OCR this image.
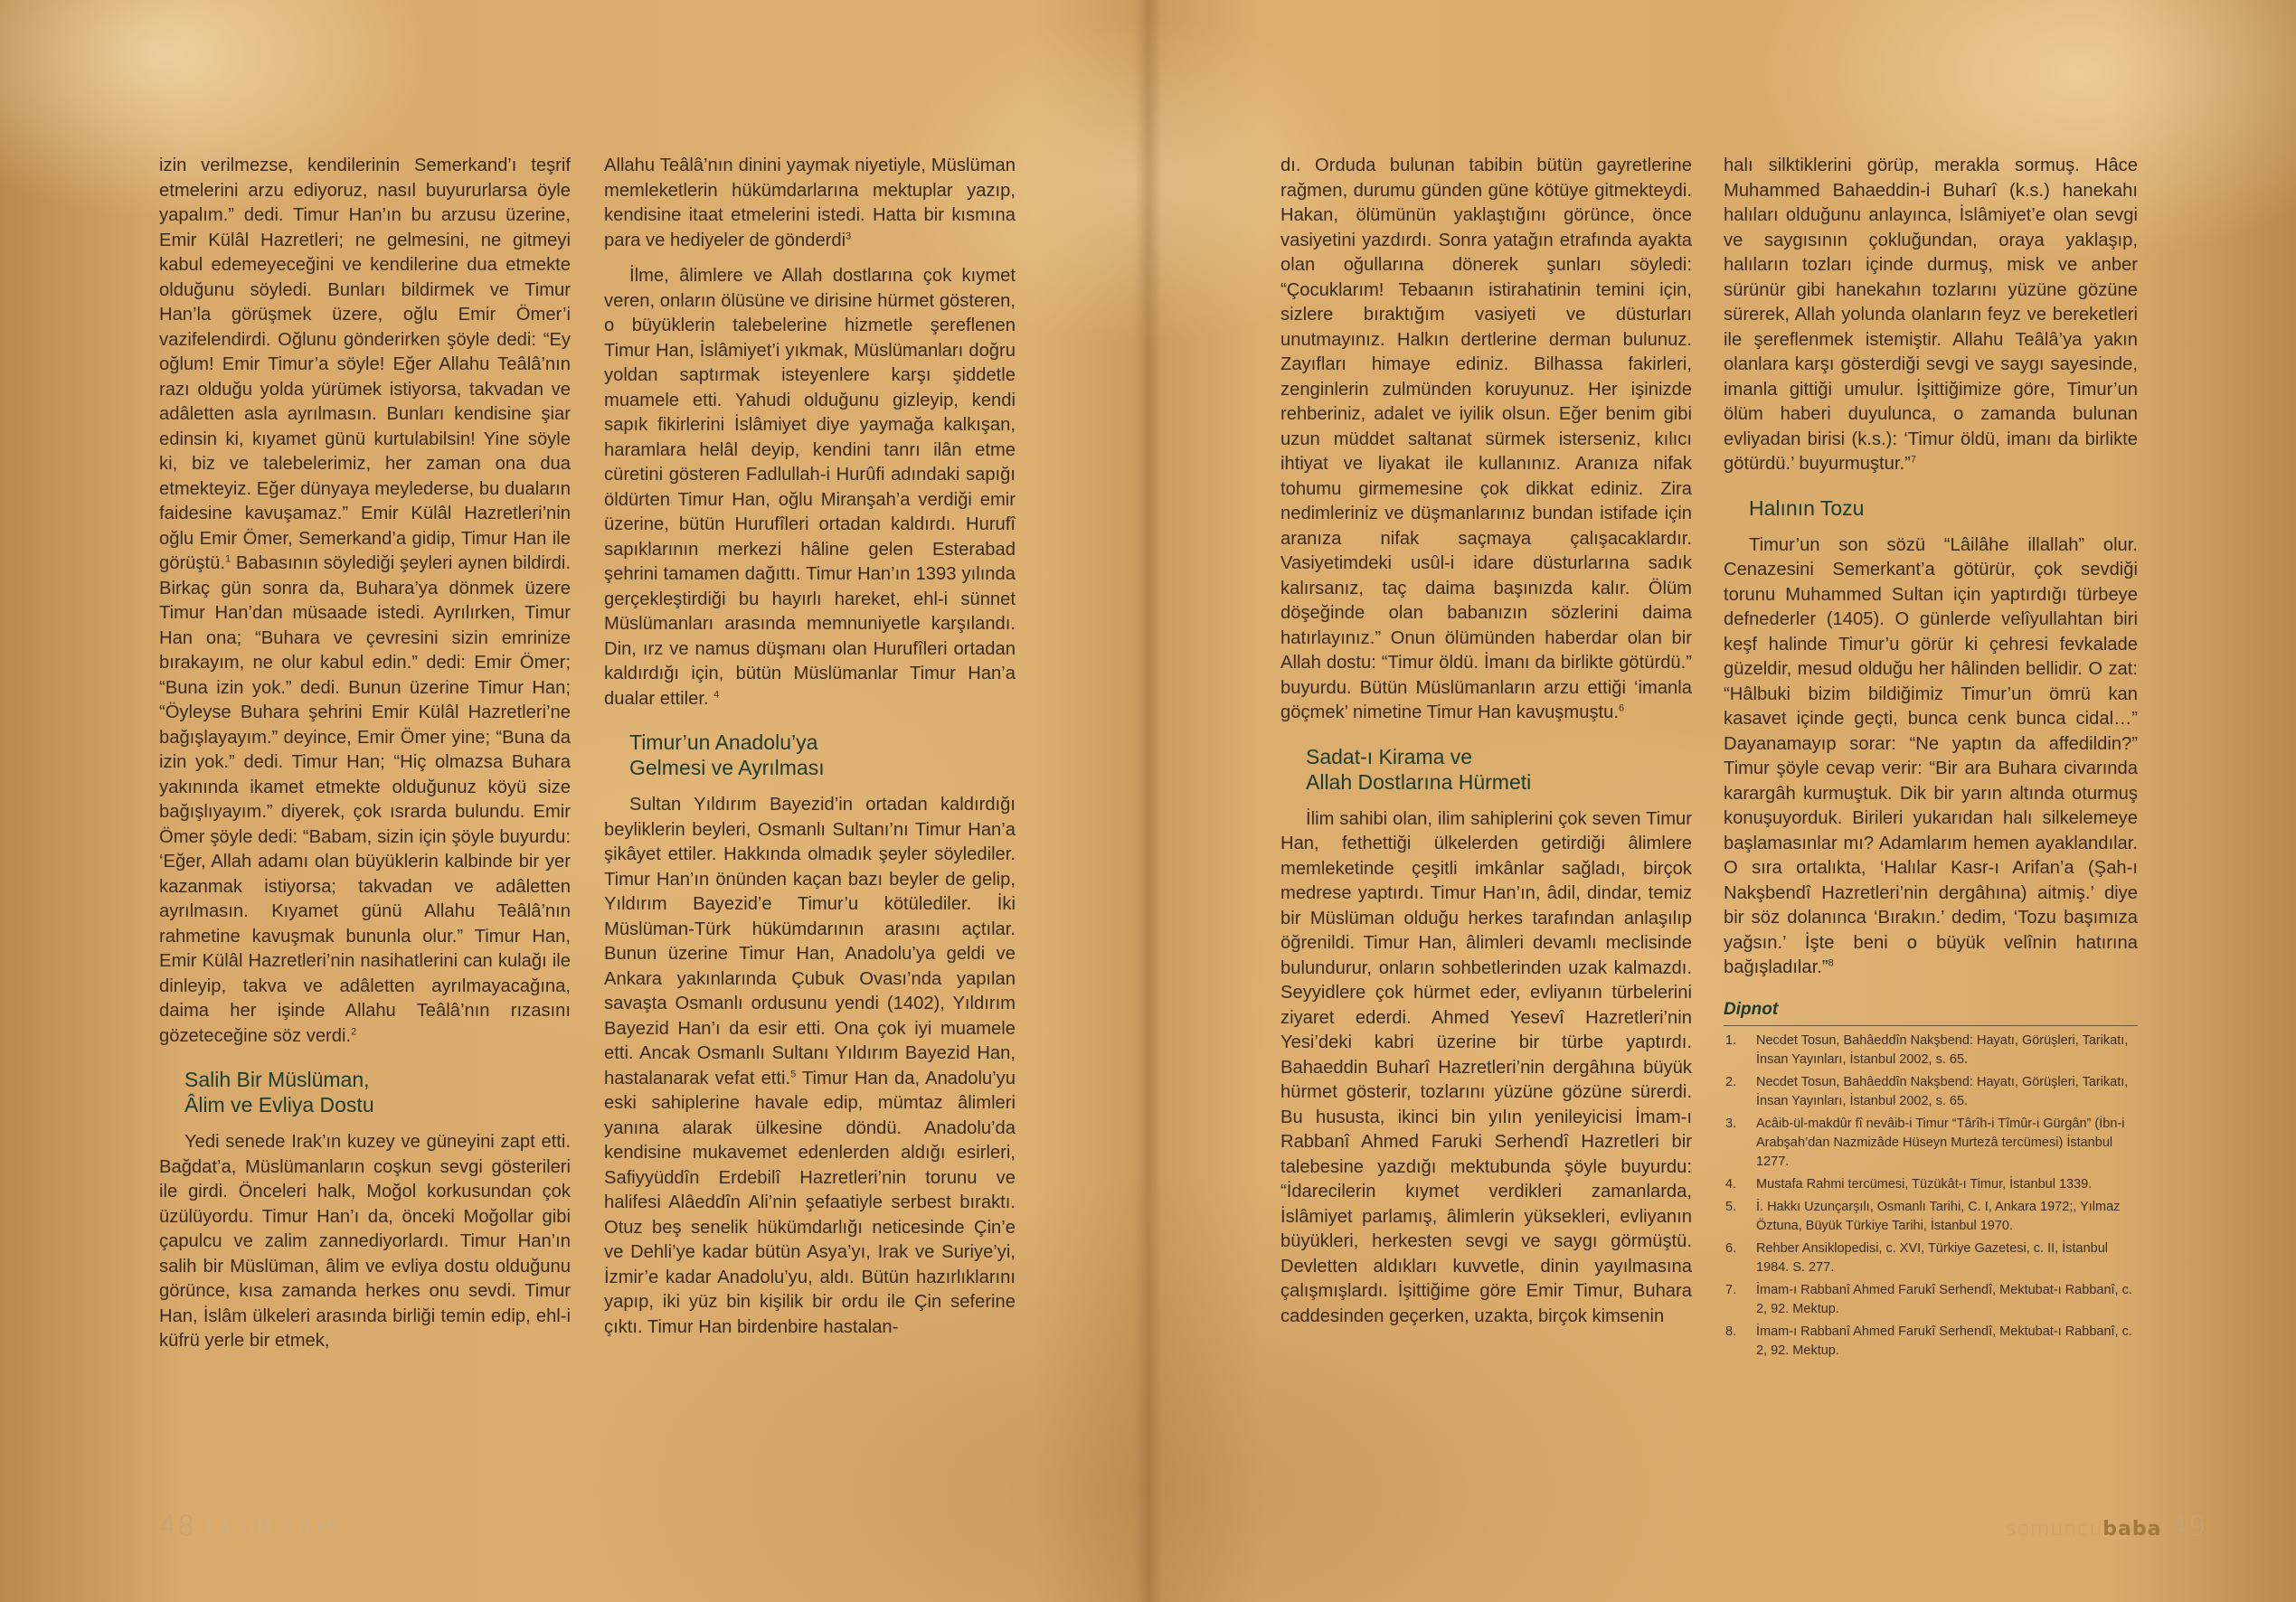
izin verilmezse, kendilerinin Semerkand’ı teşrif etmelerini arzu ediyoruz, nasıl buyururlarsa öyle yapalım.” dedi. Timur Han’ın bu arzusu üzerine, Emir Külâl Hazretleri; ne gelmesini, ne gitmeyi kabul edemeyeceğini ve kendilerine dua etmekte olduğunu söyledi. Bunları bildirmek ve Timur Han’la görüşmek üzere, oğlu Emir Ömer’i vazifelendirdi. Oğlunu gönderirken şöyle dedi: “Ey oğlum! Emir Timur’a söyle! Eğer Allahu Teâlâ’nın razı olduğu yolda yürümek istiyorsa, takvadan ve adâletten asla ayrılmasın. Bunları kendisine şiar edinsin ki, kıyamet günü kurtulabilsin! Yine söyle ki, biz ve talebelerimiz, her zaman ona dua etmekteyiz. Eğer dünyaya meylederse, bu duaların faidesine kavuşamaz.” Emir Külâl Hazretleri’nin oğlu Emir Ömer, Semerkand’a gidip, Timur Han ile görüştü.$^1$ Babasının söylediği şeyleri aynen bildirdi. Birkaç gün sonra da, Buhara’ya dönmek üzere Timur Han’dan müsaade istedi. Ayrılırken, Timur Han ona; “Buhara ve çevresini sizin emrinize bırakayım, ne olur kabul edin.” dedi: Emir Ömer; “Buna izin yok.” dedi. Bunun üzerine Timur Han; “Öyleyse Buhara şehrini Emir Külâl Hazretleri’ne bağışlayayım.” deyince, Emir Ömer yine; “Buna da izin yok.” dedi. Timur Han; “Hiç olmazsa Buhara yakınında ikamet etmekte olduğunuz köyü size bağışlıyayım.” diyerek, çok ısrarda bulundu. Emir Ömer şöyle dedi: “Babam, sizin için şöyle buyurdu: ‘Eğer, Allah adamı olan büyüklerin kalbinde bir yer kazanmak istiyorsa; takvadan ve adâletten ayrılmasın. Kıyamet günü Allahu Teâlâ’nın rahmetine kavuşmak bununla olur.” Timur Han, Emir Külâl Hazretleri’nin nasihatlerini can kulağı ile dinleyip, takva ve adâletten ayrılmayacağına, daima her işinde Allahu Teâlâ’nın rızasını gözeteceğine söz verdi.$^2$

Salih Bir Müslüman,
Âlim ve Evliya Dostu

Yedi senede Irak’ın kuzey ve güneyini zapt etti. Bağdat’a, Müslümanların coşkun sevgi gösterileri ile girdi. Önceleri halk, Moğol korkusundan çok üzülüyordu. Timur Han’ı da, önceki Moğollar gibi çapulcu ve zalim zannediyorlardı. Timur Han’ın salih bir Müslüman, âlim ve evliya dostu olduğunu görünce, kısa zamanda herkes onu sevdi. Timur Han, İslâm ülkeleri arasında birliği temin edip, ehl-i küfrü yerle bir etmek,

Allahu Teâlâ’nın dinini yaymak niyetiyle, Müslüman memleketlerin hükümdarlarına mektuplar yazıp, kendisine itaat etmelerini istedi. Hatta bir kısmına para ve hediyeler de gönderdi$^3$

İlme, âlimlere ve Allah dostlarına çok kıymet veren, onların ölüsüne ve dirisine hürmet gösteren, o büyüklerin talebelerine hizmetle şereflenen Timur Han, İslâmiyet’i yıkmak, Müslümanları doğru yoldan saptırmak isteyenlere karşı şiddetle muamele etti. Yahudi olduğunu gizleyip, kendi sapık fikirlerini İslâmiyet diye yaymağa kalkışan, haramlara helâl deyip, kendini tanrı ilân etme cüretini gösteren Fadlullah-i Hurûfi adındaki sapığı öldürten Timur Han, oğlu Miranşah’a verdiği emir üzerine, bütün Hurufîleri ortadan kaldırdı. Hurufî sapıklarının merkezi hâline gelen Esterabad şehrini tamamen dağıttı. Timur Han’ın 1393 yılında gerçekleştirdiği bu hayırlı hareket, ehl-i sünnet Müslümanları arasında memnuniyetle karşılandı. Din, ırz ve namus düşmanı olan Hurufîleri ortadan kaldırdığı için, bütün Müslümanlar Timur Han’a dualar ettiler. $^4$

Timur’un Anadolu’ya
Gelmesi ve Ayrılması

Sultan Yıldırım Bayezid’in ortadan kaldırdığı beyliklerin beyleri, Osmanlı Sultanı’nı Timur Han’a şikâyet ettiler. Hakkında olmadık şeyler söylediler. Timur Han’ın önünden kaçan bazı beyler de gelip, Yıldırım Bayezid’e Timur’u kötülediler. İki Müslüman-Türk hükümdarının arasını açtılar. Bunun üzerine Timur Han, Anadolu’ya geldi ve Ankara yakınlarında Çubuk Ovası’nda yapılan savaşta Osmanlı ordusunu yendi (1402), Yıldırım Bayezid Han’ı da esir etti. Ona çok iyi muamele etti. Ancak Osmanlı Sultanı Yıldırım Bayezid Han, hastalanarak vefat etti.$^5$ Timur Han da, Anadolu’yu eski sahiplerine havale edip, mümtaz âlimleri yanına alarak ülkesine döndü. Anadolu’da kendisine mukavemet edenlerden aldığı esirleri, Safiyyüddîn Erdebilî Hazretleri’nin torunu ve halifesi Alâeddîn Ali’nin şefaatiyle serbest bıraktı. Otuz beş senelik hükümdarlığı neticesinde Çin’e ve Dehli’ye kadar bütün Asya’yı, Irak ve Suriye’yi, İzmir’e kadar Anadolu’yu, aldı. Bütün hazırlıklarını yapıp, iki yüz bin kişilik bir ordu ile Çin seferine çıktı. Timur Han birdenbire hastalan-

dı. Orduda bulunan tabibin bütün gayretlerine rağmen, durumu günden güne kötüye gitmekteydi. Hakan, ölümünün yaklaştığını görünce, önce vasiyetini yazdırdı. Sonra yatağın etrafında ayakta olan oğullarına dönerek şunları söyledi: “Çocuklarım! Tebaanın istirahatinin temini için, sizlere bıraktığım vasiyeti ve düsturları unutmayınız. Halkın dertlerine derman bulunuz. Zayıfları himaye ediniz. Bilhassa fakirleri, zenginlerin zulmünden koruyunuz. Her işinizde rehberiniz, adalet ve iyilik olsun. Eğer benim gibi uzun müddet saltanat sürmek isterseniz, kılıcı ihtiyat ve liyakat ile kullanınız. Aranıza nifak tohumu girmemesine çok dikkat ediniz. Zira nedimleriniz ve düşmanlarınız bundan istifade için aranıza nifak saçmaya çalışacaklardır. Vasiyetimdeki usûl-i idare düsturlarına sadık kalırsanız, taç daima başınızda kalır. Ölüm döşeğinde olan babanızın sözlerini daima hatırlayınız.” Onun ölümünden haberdar olan bir Allah dostu: “Timur öldü. İmanı da birlikte götürdü.” buyurdu. Bütün Müslümanların arzu ettiği ‘imanla göçmek’ nimetine Timur Han kavuşmuştu.$^6$

Sadat-ı Kirama ve
Allah Dostlarına Hürmeti

İlim sahibi olan, ilim sahiplerini çok seven Timur Han, fethettiği ülkelerden getirdiği âlimlere memleketinde çeşitli imkânlar sağladı, birçok medrese yaptırdı. Timur Han’ın, âdil, dindar, temiz bir Müslüman olduğu herkes tarafından anlaşılıp öğrenildi. Timur Han, âlimleri devamlı meclisinde bulundurur, onların sohbetlerinden uzak kalmazdı. Seyyidlere çok hürmet eder, evliyanın türbelerini ziyaret ederdi. Ahmed Yesevî Hazretleri’nin Yesi’deki kabri üzerine bir türbe yaptırdı. Bahaeddin Buharî Hazretleri’nin dergâhına büyük hürmet gösterir, tozlarını yüzüne gözüne sürerdi. Bu hususta, ikinci bin yılın yenileyicisi İmam-ı Rabbanî Ahmed Faruki Serhendî Hazretleri bir talebesine yazdığı mektubunda şöyle buyurdu: “İdarecilerin kıymet verdikleri zamanlarda, İslâmiyet parlamış, âlimlerin yüksekleri, evliyanın büyükleri, herkesten sevgi ve saygı görmüştü. Devletten aldıkları kuvvetle, dinin yayılmasına çalışmışlardı. İşittiğime göre Emir Timur, Buhara caddesinden geçerken, uzakta, birçok kimsenin

halı silktiklerini görüp, merakla sormuş. Hâce Muhammed Bahaeddin-i Buharî (k.s.) hanekahı halıları olduğunu anlayınca, İslâmiyet’e olan sevgi ve saygısının çokluğundan, oraya yaklaşıp, halıların tozları içinde durmuş, misk ve anber sürünür gibi hanekahın tozlarını yüzüne gözüne sürerek, Allah yolunda olanların feyz ve bereketleri ile şereflenmek istemiştir. Allahu Teâlâ’ya yakın olanlara karşı gösterdiği sevgi ve saygı sayesinde, imanla gittiği umulur. İşittiğimize göre, Timur’un ölüm haberi duyulunca, o zamanda bulunan evliyadan birisi (k.s.): ‘Timur öldü, imanı da birlikte götürdü.’ buyurmuştur.”$^7$

Halının Tozu

Timur’un son sözü “Lâilâhe illallah” olur. Cenazesini Semerkant’a götürür, çok sevdiği torunu Muhammed Sultan için yaptırdığı türbeye defnederler (1405). O günlerde velîyullahtan biri keşf halinde Timur’u görür ki çehresi fevkalade güzeldir, mesud olduğu her hâlinden bellidir. O zat: “Hâlbuki bizim bildiğimiz Timur’un ömrü kan kasavet içinde geçti, bunca cenk bunca cidal…” Dayanamayıp sorar: “Ne yaptın da affedildin?” Timur şöyle cevap verir: “Bir ara Buhara civarında karargâh kurmuştuk. Dik bir yarın altında oturmuş konuşuyorduk. Birileri yukarıdan halı silkelemeye başlamasınlar mı? Adamlarım hemen ayaklandılar. O sıra ortalıkta, ‘Halılar Kasr-ı Arifan’a (Şah-ı Nakşbendî Hazretleri’nin dergâhına) aitmiş.’ diye bir söz dolanınca ‘Bırakın.’ dedim, ‘Tozu başımıza yağsın.’ İşte beni o büyük velînin hatırına bağışladılar.”$^8$

Dipnot
1. Necdet Tosun, Bahâeddîn Nakşbend: Hayatı, Görüşleri, Tarikatı, İnsan Yayınları, İstanbul 2002, s. 65.
2. Necdet Tosun, Bahâeddîn Nakşbend: Hayatı, Görüşleri, Tarikatı, İnsan Yayınları, İstanbul 2002, s. 65.
3. Acâib-ül-makdûr fî nevâib-i Timur “Târîh-i Tîmûr-i Gürgân” (İbn-i Arabşah’dan Nazmizâde Hüseyn Murtezâ tercümesi) İstanbul 1277.
4. Mustafa Rahmi tercümesi, Tüzükât-ı Timur, İstanbul 1339.
5. İ. Hakkı Uzunçarşılı, Osmanlı Tarihi, C. I, Ankara 1972;, Yılmaz Öztuna, Büyük Türkiye Tarihi, İstanbul 1970.
6. Rehber Ansiklopedisi, c. XVI, Türkiye Gazetesi, c. II, İstanbul 1984. S. 277.
7. İmam-ı Rabbanî Ahmed Farukî Serhendî, Mektubat-ı Rabbanî, c. 2, 92. Mektup.
8. İmam-ı Rabbanî Ahmed Farukî Serhendî, Mektubat-ı Rabbanî, c. 2, 92. Mektup.
48 KASIM 2015	somuncubaba 49
